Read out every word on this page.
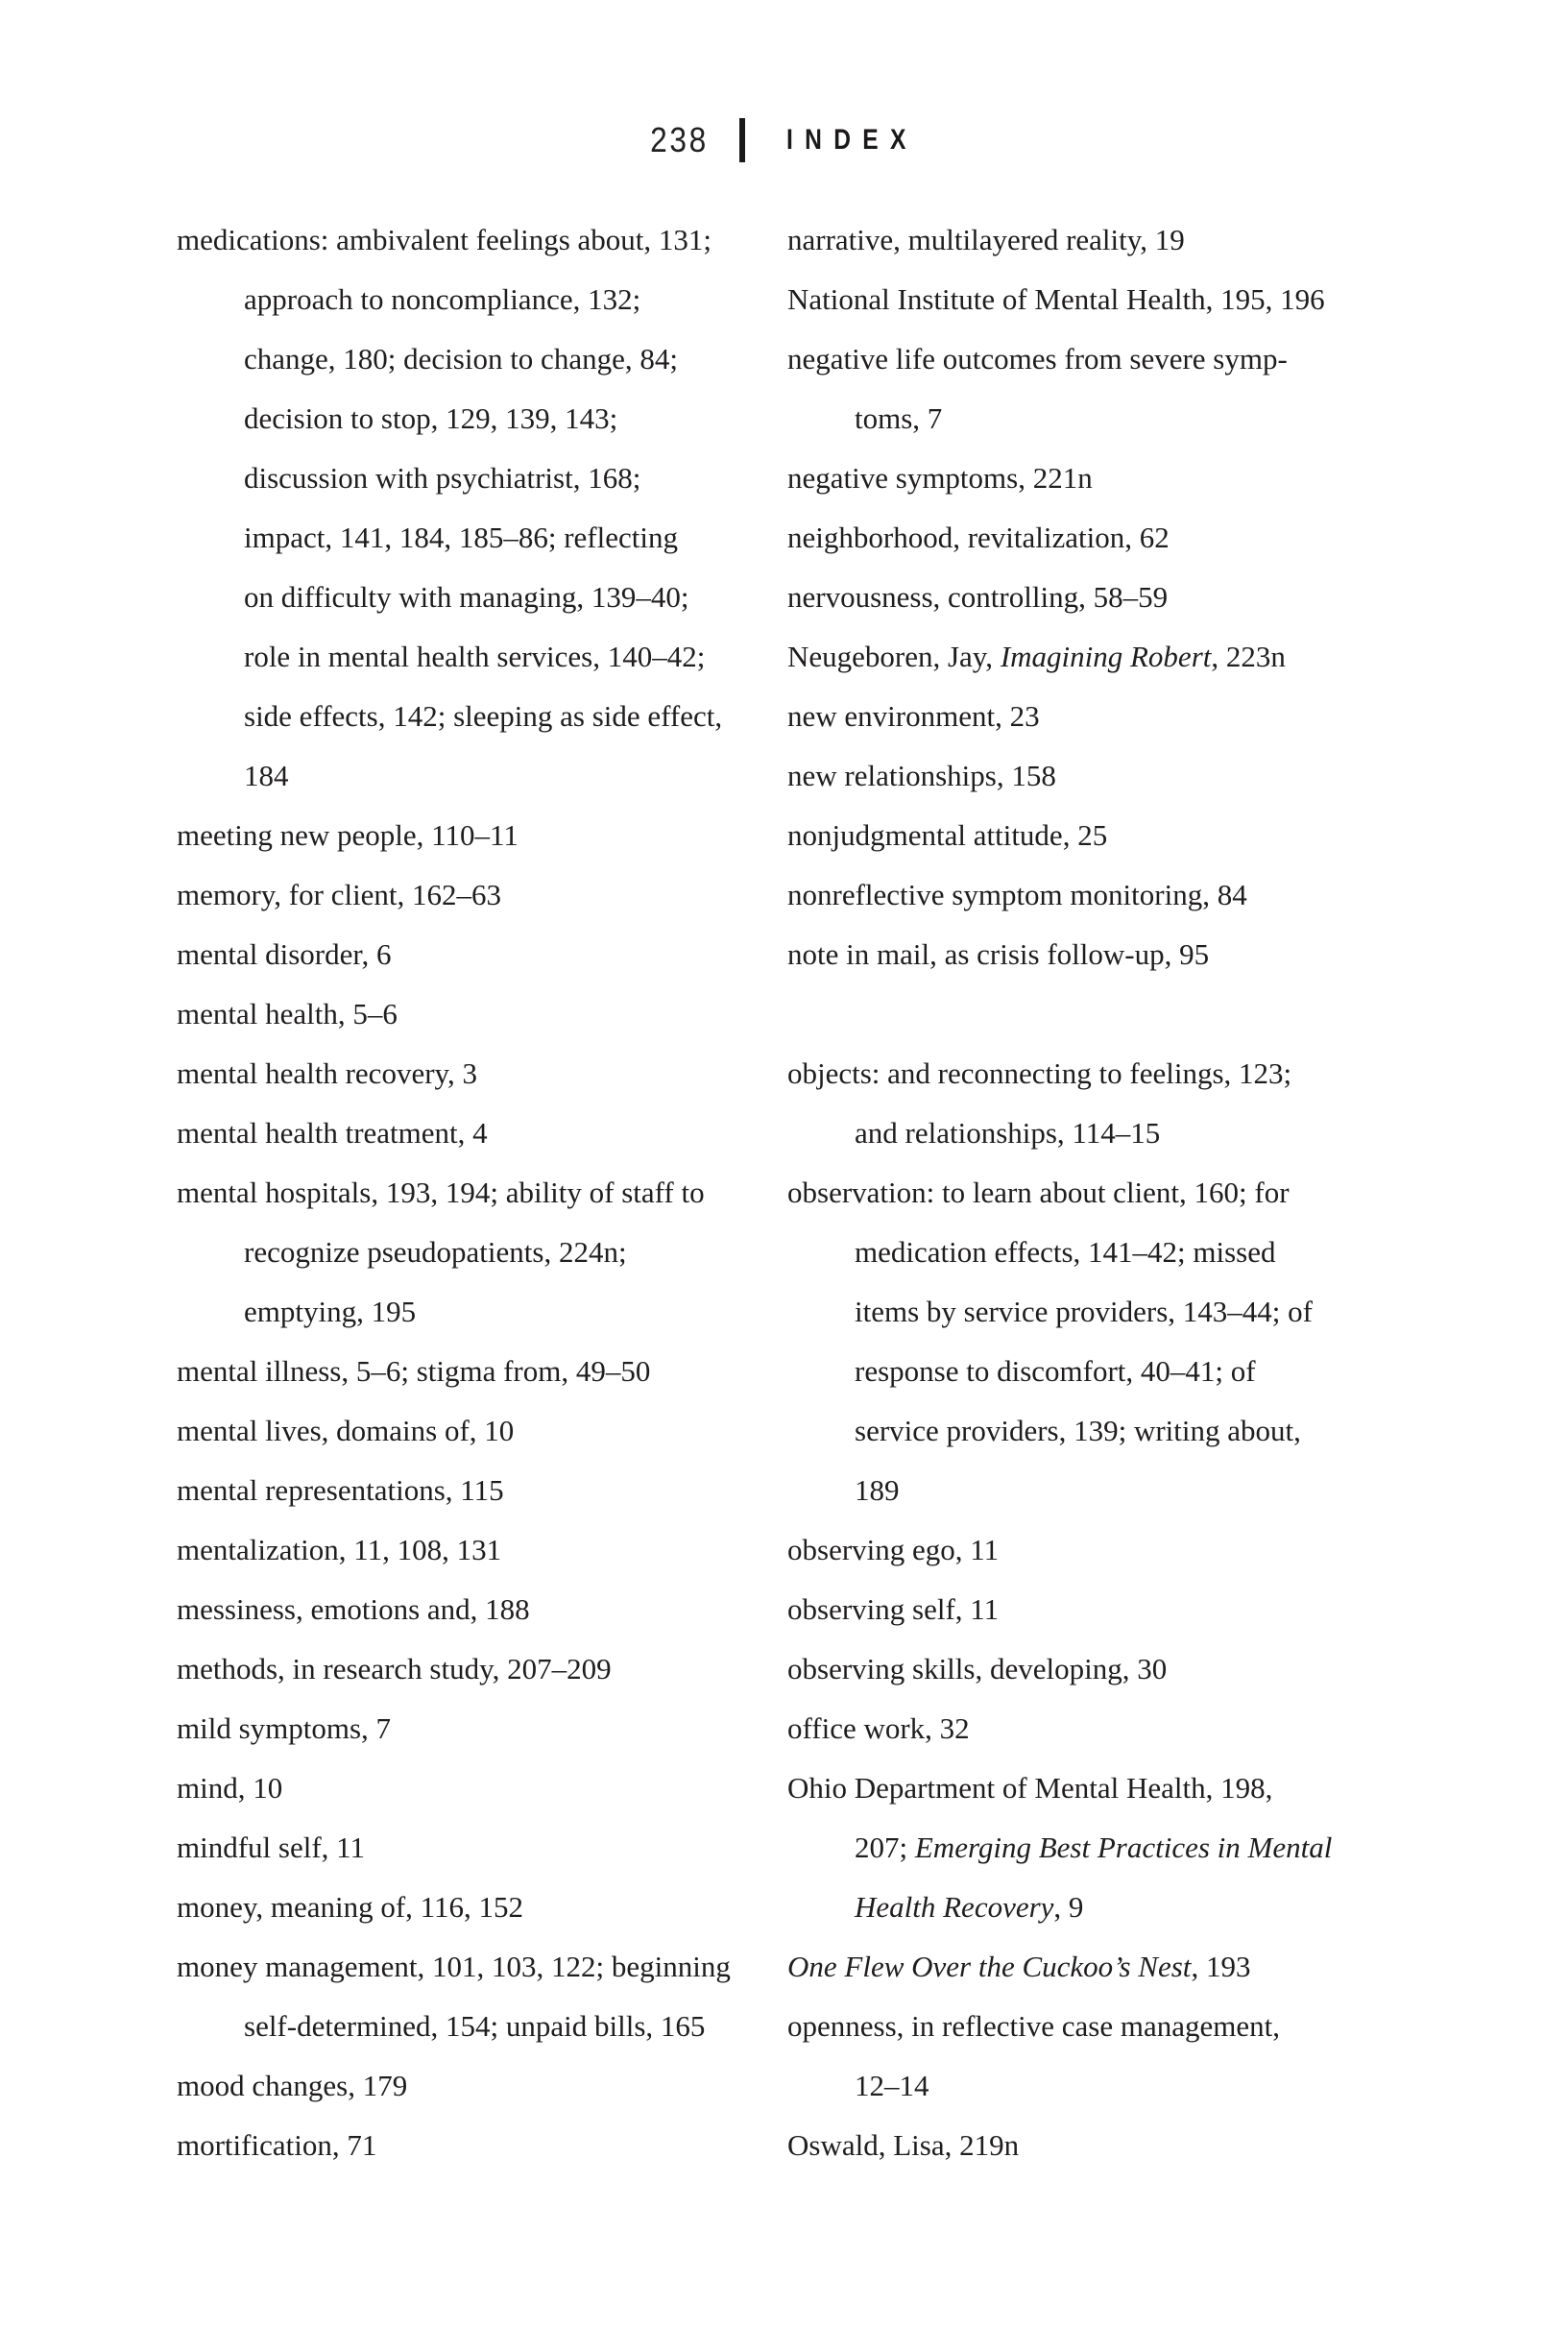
238	INDEX
medications: ambivalent feelings about, 131;
approach to noncompliance, 132;
change, 180; decision to change, 84;
decision to stop, 129, 139, 143;
discussion with psychiatrist, 168;
impact, 141, 184, 185–86; reflecting
on difficulty with managing, 139–40;
role in mental health services, 140–42;
side effects, 142; sleeping as side effect,
184
meeting new people, 110–11
memory, for client, 162–63
mental disorder, 6
mental health, 5–6
mental health recovery, 3
mental health treatment, 4
mental hospitals, 193, 194; ability of staff to
recognize pseudopatients, 224n;
emptying, 195
mental illness, 5–6; stigma from, 49–50
mental lives, domains of, 10
mental representations, 115
mentalization, 11, 108, 131
messiness, emotions and, 188
methods, in research study, 207–209
mild symptoms, 7
mind, 10
mindful self, 11
money, meaning of, 116, 152
money management, 101, 103, 122; beginning
self-determined, 154; unpaid bills, 165
mood changes, 179
mortification, 71
narrative, multilayered reality, 19
National Institute of Mental Health, 195, 196
negative life outcomes from severe symp-
toms, 7
negative symptoms, 221n
neighborhood, revitalization, 62
nervousness, controlling, 58–59
Neugeboren, Jay, Imagining Robert, 223n
new environment, 23
new relationships, 158
nonjudgmental attitude, 25
nonreflective symptom monitoring, 84
note in mail, as crisis follow-up, 95
objects: and reconnecting to feelings, 123;
and relationships, 114–15
observation: to learn about client, 160; for
medication effects, 141–42; missed
items by service providers, 143–44; of
response to discomfort, 40–41; of
service providers, 139; writing about,
189
observing ego, 11
observing self, 11
observing skills, developing, 30
office work, 32
Ohio Department of Mental Health, 198,
207; Emerging Best Practices in Mental
Health Recovery, 9
One Flew Over the Cuckoo’s Nest, 193
openness, in reflective case management,
12–14
Oswald, Lisa, 219n
